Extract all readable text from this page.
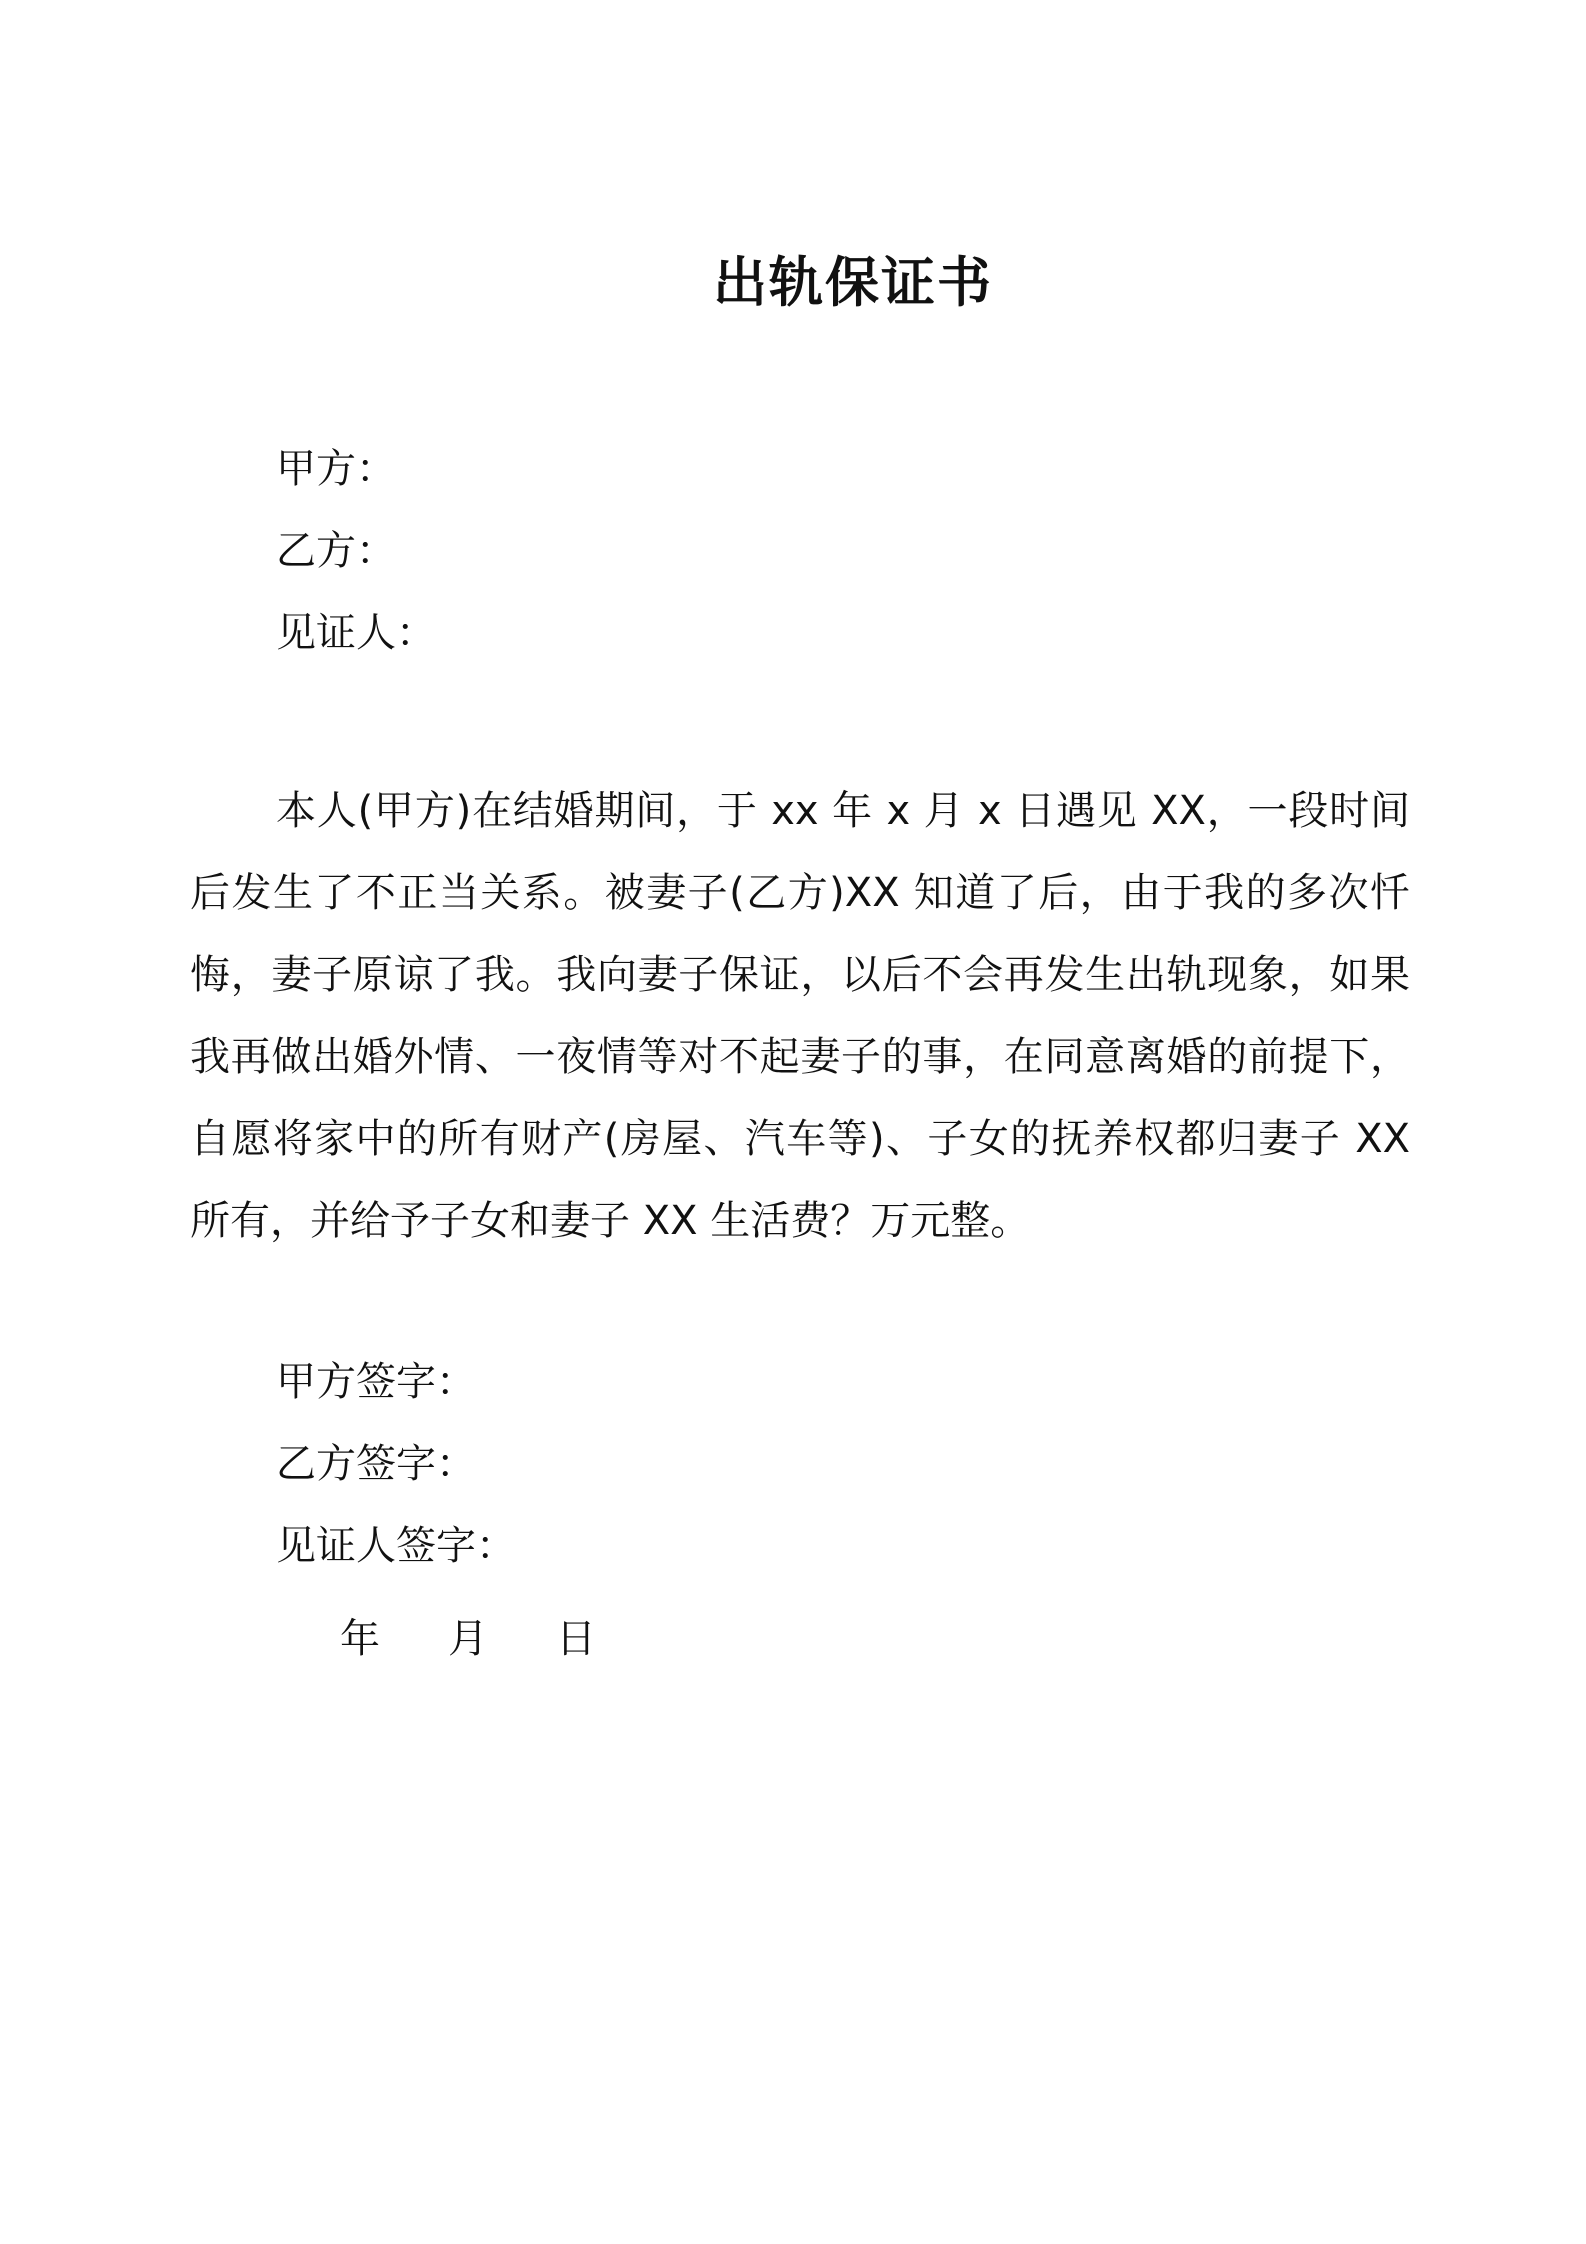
出轨保证书
甲方：
乙方：
见证人：
本人(甲方)在结婚期间，于 xx 年 x 月 x 日遇见 XX，一段时间后发生了不正当关系。被妻子(乙方)XX 知道了后，由于我的多次忏悔，妻子原谅了我。我向妻子保证，以后不会再发生出轨现象，如果我再做出婚外情、一夜情等对不起妻子的事，在同意离婚的前提下，自愿将家中的所有财产(房屋、汽车等)、子女的抚养权都归妻子 XX 所有，并给予子女和妻子 XX 生活费？万元整。
甲方签字：
乙方签字：
见证人签字：
年 月 日
